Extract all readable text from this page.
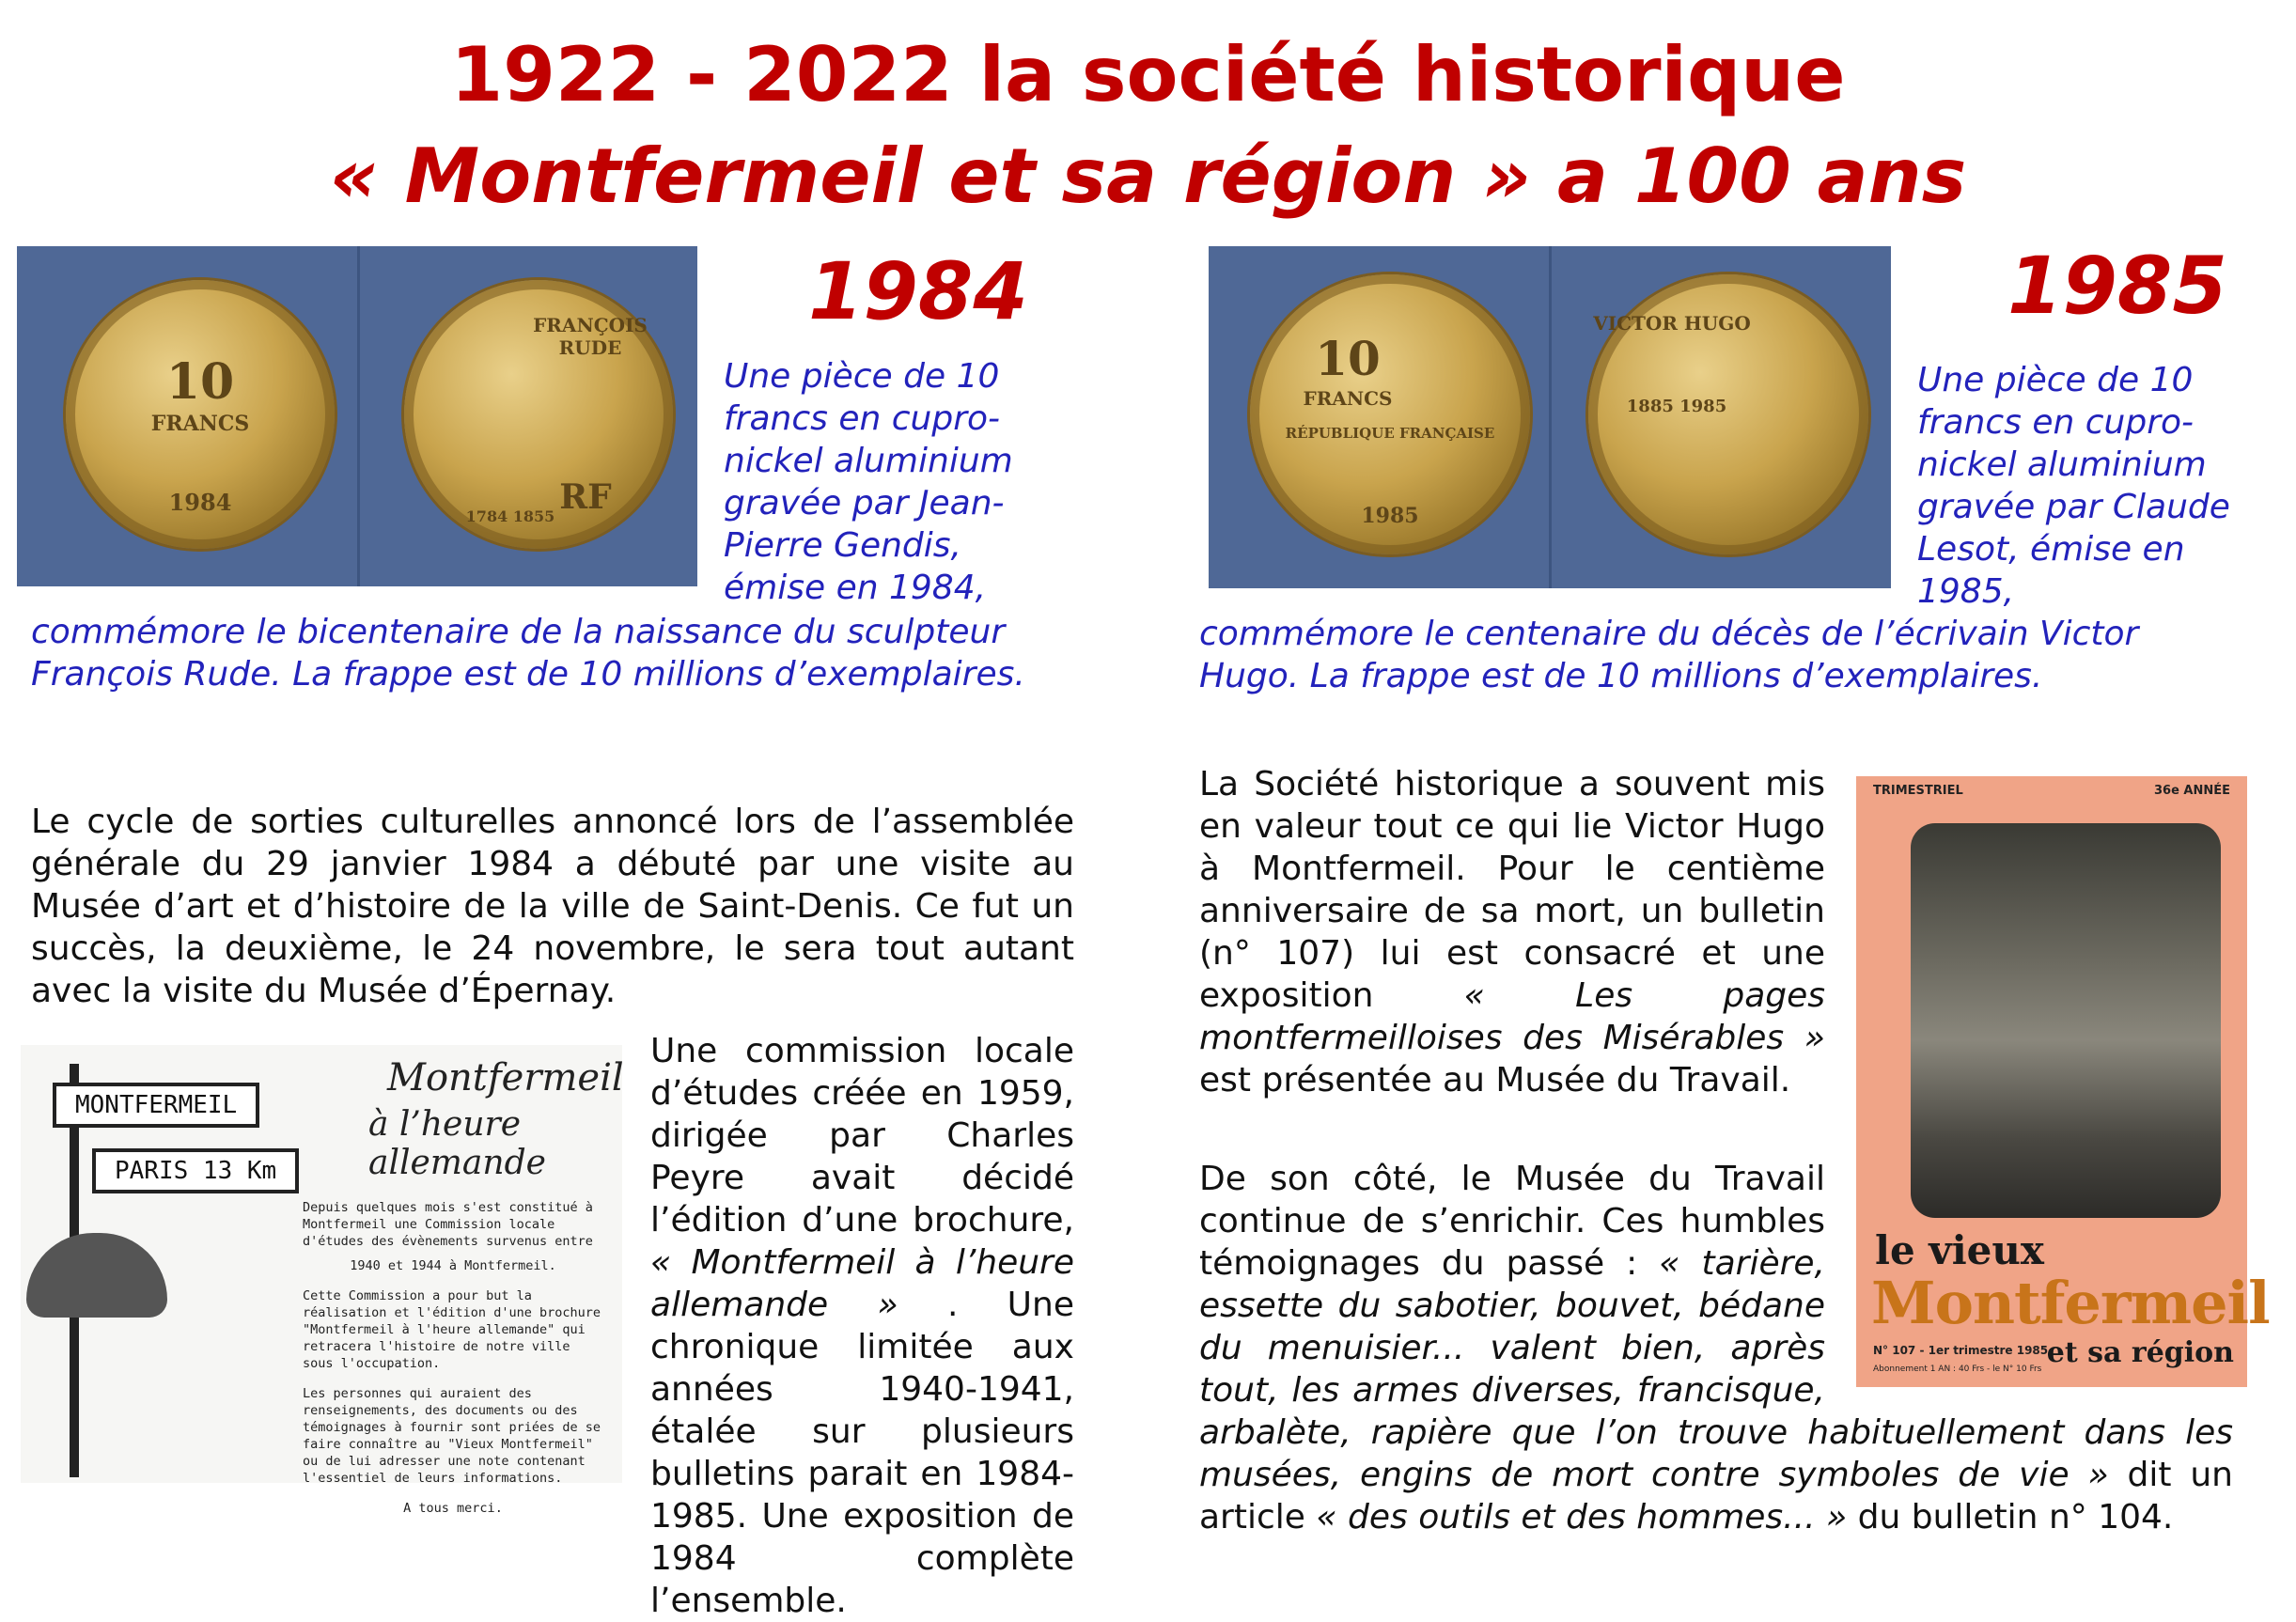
1922 - 2022 la société historique
« Montfermeil et sa région » a 100 ans
10
FRANCS
1984
FRANÇOIS RUDE
RF
1784 1855
1984
Une pièce de 10 francs en cupro-nickel aluminium gravée par Jean-Pierre Gendis, émise en 1984,
commémore le bicentenaire de la naissance du sculpteur François Rude. La frappe est de 10 millions d’exemplaires.

Le cycle de sorties culturelles annoncé lors de l’assemblée générale du 29 janvier 1984 a débuté par une visite au Musée d’art et d’histoire de la ville de Saint-Denis. Ce fut un succès, la deuxième, le 24 novembre, le sera tout autant avec la visite du Musée d’Épernay.

MONTFERMEIL
PARIS 13 Km
Montfermeil
à l’heure allemande
Depuis quelques mois s'est constitué à Montfermeil une Commission locale d'études des évènements survenus entre
1940 et 1944 à Montfermeil.
Cette Commission a pour but la réalisation et l'édition d'une brochure "Montfermeil à l'heure allemande" qui retracera l'histoire de notre ville sous l'occupation.
Les personnes qui auraient des renseignements, des documents ou des témoignages à fournir sont priées de se faire connaître au "Vieux Montfermeil" ou de lui adresser une note contenant l'essentiel de leurs informations.
A tous merci.
Une commission locale d’études créée en 1959, dirigée par Charles Peyre avait décidé l’édition d’une brochure, « Montfermeil à l’heure allemande » . Une chronique limitée aux années 1940-1941, étalée sur plusieurs bulletins parait en 1984-1985. Une exposition de 1984 complète l’ensemble.
10
FRANCS
RÉPUBLIQUE FRANÇAISE
1985
VICTOR HUGO
1885 1985
1985
Une pièce de 10 francs en cupro-nickel aluminium gravée par Claude Lesot, émise en 1985,
commémore le centenaire du décès de l’écrivain Victor Hugo. La frappe est de 10 millions d’exemplaires.

La Société historique a souvent mis en valeur tout ce qui lie Victor Hugo à Montfermeil. Pour le centième anniversaire de sa mort, un bulletin (n° 107) lui est consacré et une exposition « Les pages montfermeilloises des Misérables » est présentée au Musée du Travail.

TRIMESTRIEL	36e ANNÉE
le vieux
Montfermeil
N° 107 - 1er trimestre 1985
et sa région
Abonnement 1 AN : 40 Frs - le N° 10 Frs
De son côté, le Musée du Travail continue de s’enrichir. Ces humbles témoignages du passé : « tarière, essette du sabotier, bouvet, bédane du menuisier... valent bien, après tout, les armes diverses, francisque, arbalète, rapière que l’on trouve habituellement dans les musées, engins de mort contre symboles de vie » dit un article « des outils et des hommes... » du bulletin n° 104.
